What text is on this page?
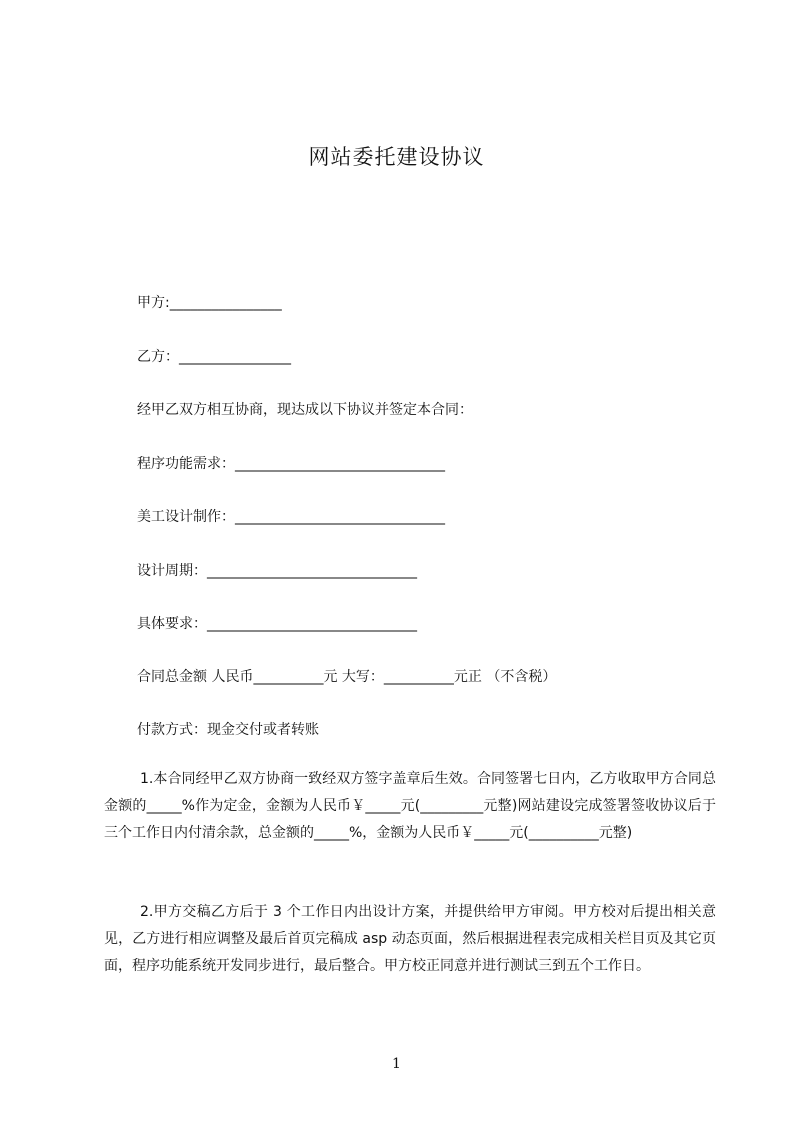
网站委托建设协议
甲方:________________
乙方：________________
经甲乙双方相互协商，现达成以下协议并签定本合同：
程序功能需求：______________________________
美工设计制作：______________________________
设计周期：______________________________
具体要求：______________________________
合同总金额 人民币__________元 大写：__________元正 （不含税）
付款方式：现金交付或者转账
1.本合同经甲乙双方协商一致经双方签字盖章后生效。合同签署七日内，乙方收取甲方合同总金额的_____%作为定金，金额为人民币￥_____元(_________元整)网站建设完成签署签收协议后于三个工作日内付清余款，总金额的_____%，金额为人民币￥_____元(__________元整)
2.甲方交稿乙方后于 3 个工作日内出设计方案，并提供给甲方审阅。甲方校对后提出相关意见，乙方进行相应调整及最后首页完稿成 asp 动态页面，然后根据进程表完成相关栏目页及其它页面，程序功能系统开发同步进行，最后整合。甲方校正同意并进行测试三到五个工作日。
1
